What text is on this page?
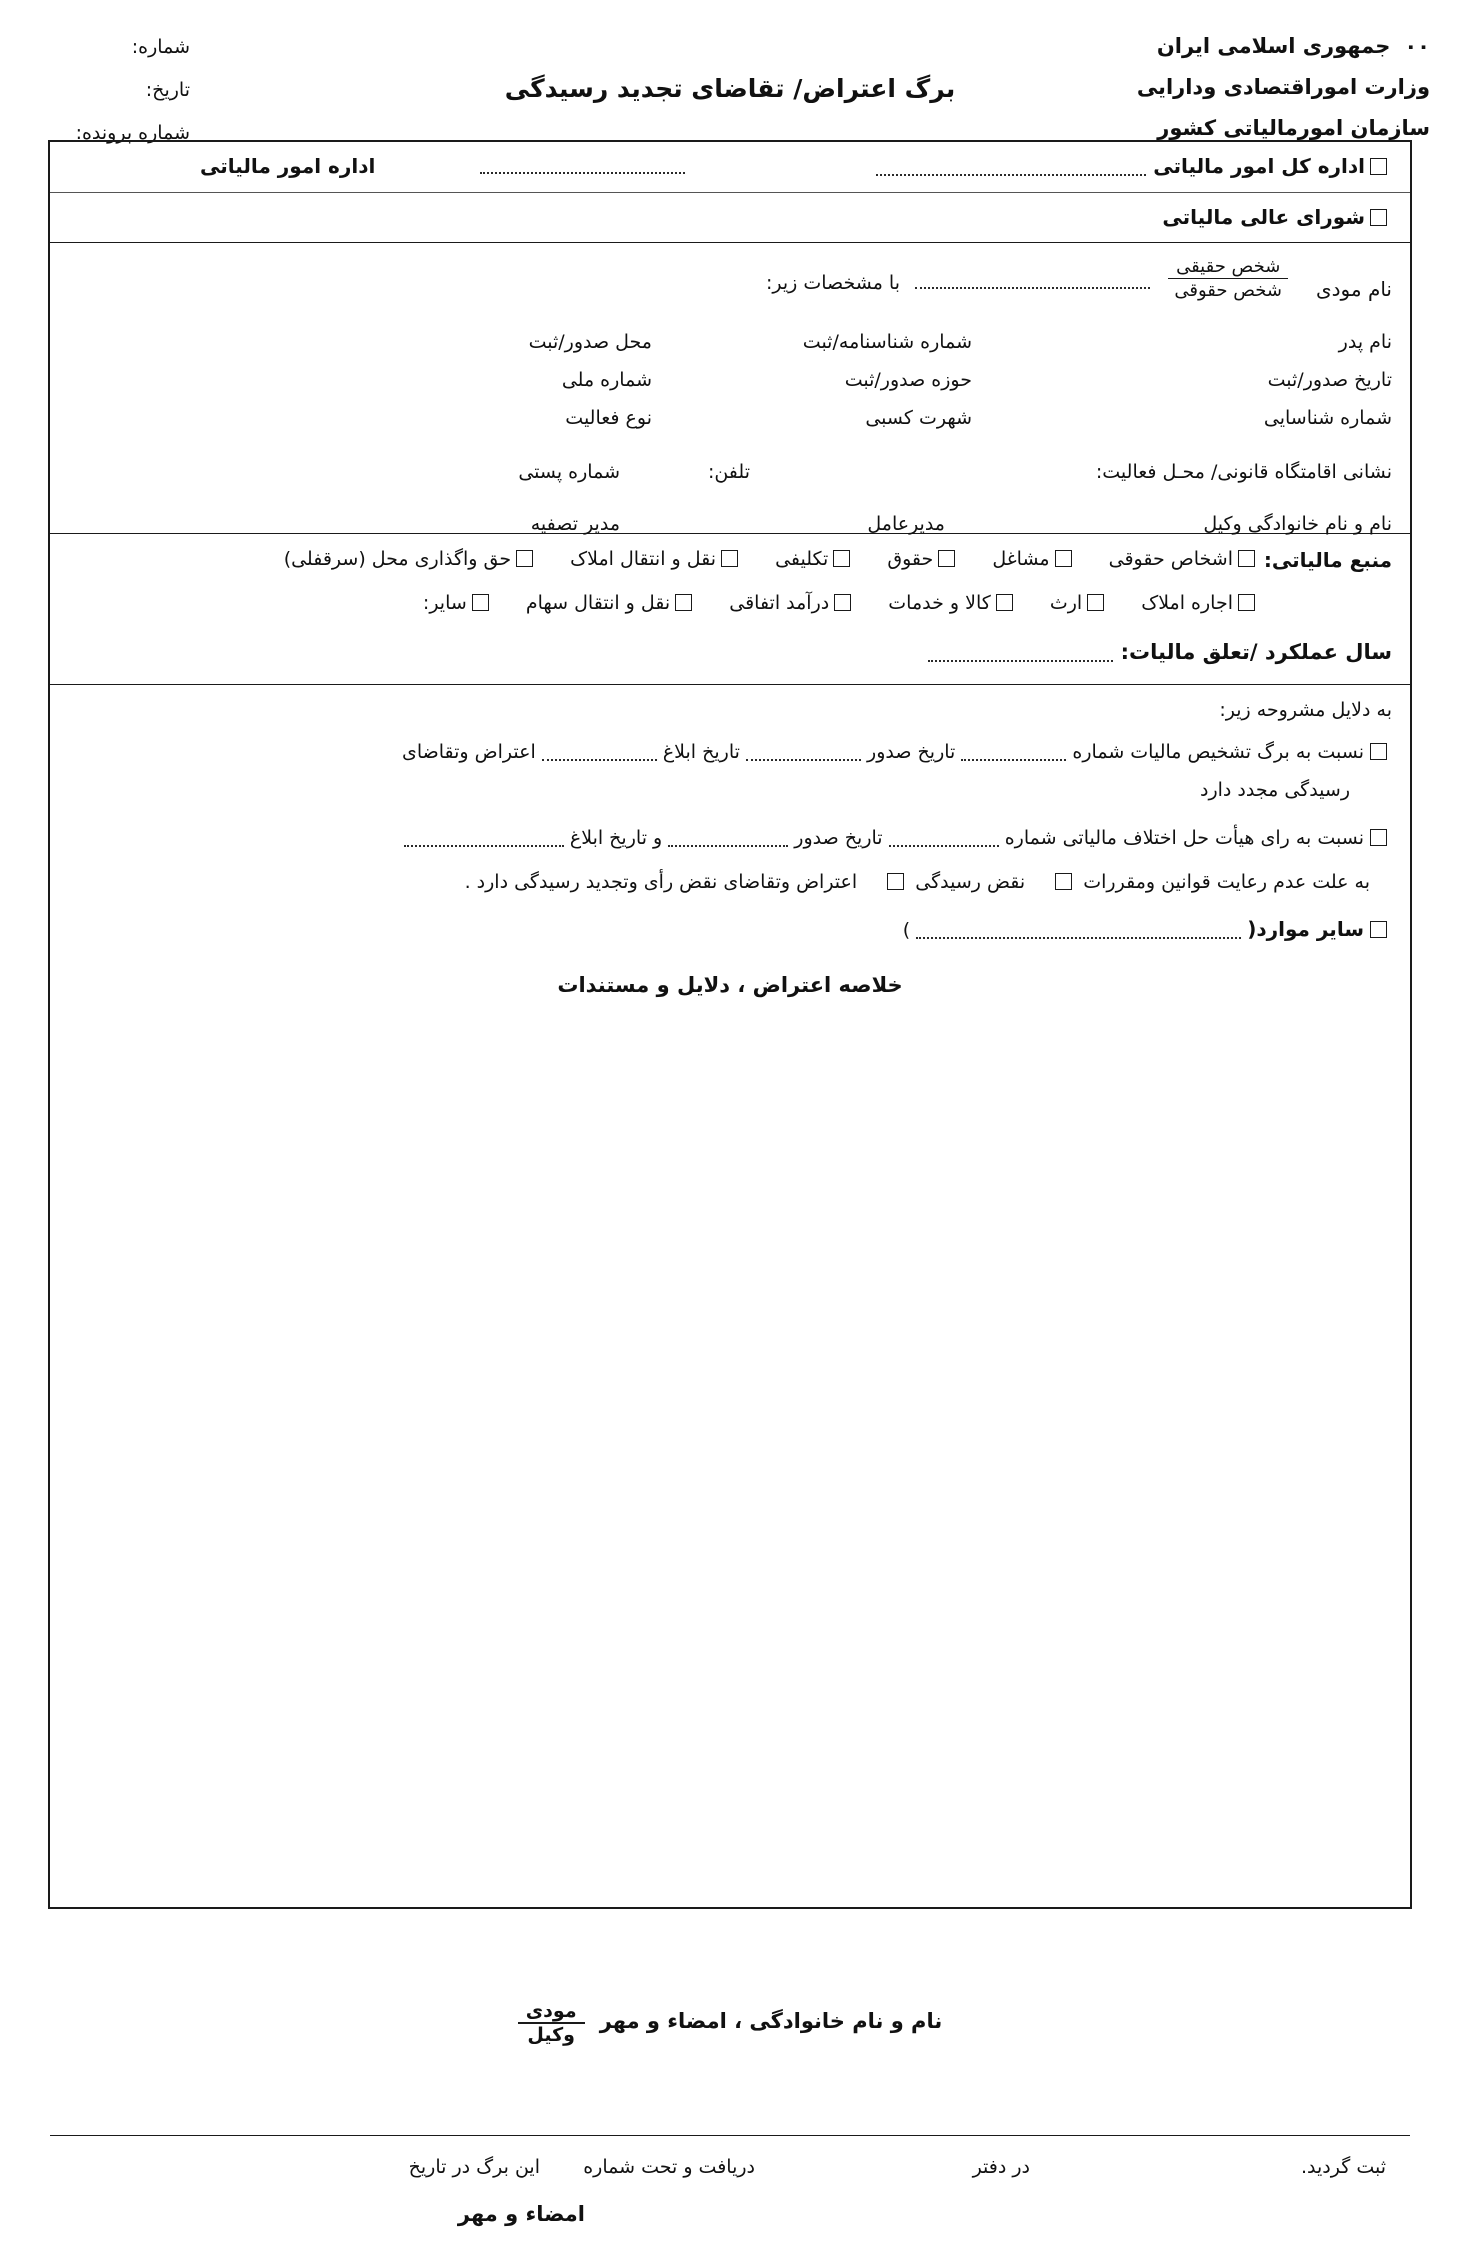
٠٠جمهوری اسلامی ایران
وزارت اموراقتصادی ودارایی
سازمان امورمالیاتی کشور
برگ اعتراض/ تقاضای تجدید رسیدگی
شماره:
تاریخ:
شماره پرونده:
اداره کل امور مالیاتی
اداره امور مالیاتی
شورای عالی مالیاتی
نام مودی
شخص حقیقی
شخص حقوقی
با مشخصات زیر:
نام پدر
شماره شناسنامه/ثبت
محل صدور/ثبت
تاریخ صدور/ثبت
حوزه صدور/ثبت
شماره ملی
شماره شناسایی
شهرت کسبی
نوع فعالیت
نشانی اقامتگاه قانونی/ محـل فعالیت:
تلفن:
شماره پستی
نام و نام خانوادگی وکیل
مدیرعامل
مدیر تصفیه
منبع مالیاتی:
اشخاص حقوقی مشاغل حقوق تکلیفی نقل و انتقال املاک حق واگذاری محل (سرقفلی)
اجاره املاک ارث کالا و خدمات درآمد اتفاقی نقل و انتقال سهام سایر:
سال عملکرد /تعلق مالیات:
به دلایل مشروحه زیر:
نسبت به برگ تشخیص مالیات شماره  تاریخ صدور  تاریخ ابلاغ  اعتراض وتقاضای
رسیدگی مجدد دارد
نسبت به رای هیأت حل اختلاف مالیاتی شماره  تاریخ صدور  و تاریخ ابلاغ
به علت عدم رعایت قوانین ومقررات  نقض رسیدگی  اعتراض وتقاضای نقض رأی وتجدید رسیدگی دارد .
سایر موارد(  )
خلاصه اعتراض ، دلایل و مستندات
نام و نام خانوادگی ، امضاء و مهر
مودی
وکیل
این برگ در تاریخ دریافت و تحت شماره	در دفتر	ثبت گردید.
امضاء و مهر
